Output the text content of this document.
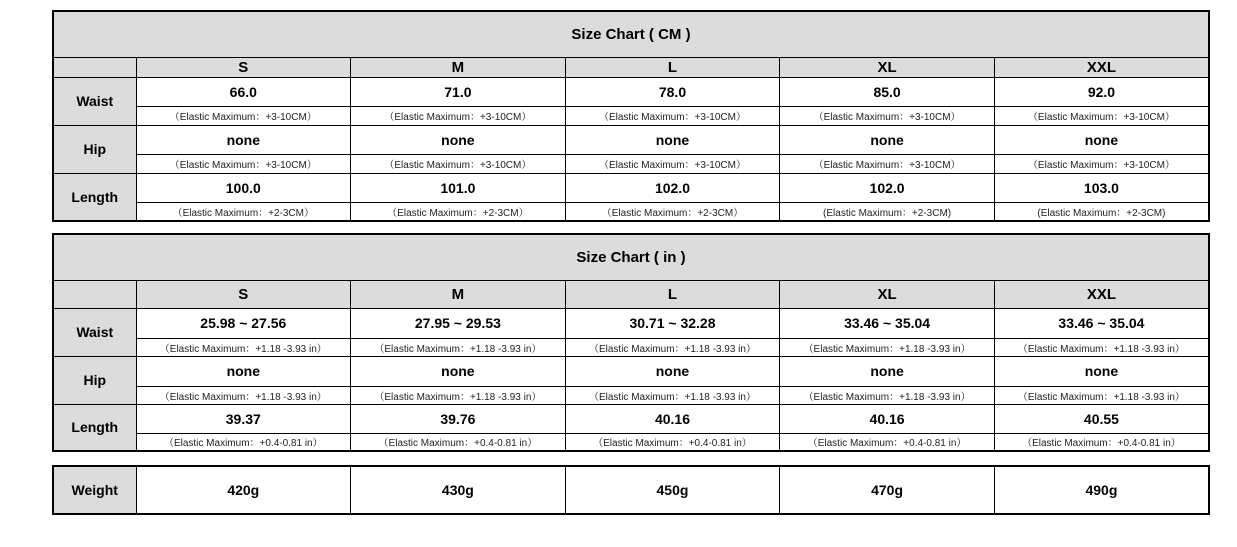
Size Chart ( CM )					
	S	M	L	XL	XXL
Waist	66.0	71.0	78.0	85.0	92.0
	（Elastic Maximum：+3-10CM）	（Elastic Maximum：+3-10CM）	（Elastic Maximum：+3-10CM）	（Elastic Maximum：+3-10CM）	（Elastic Maximum：+3-10CM）
Hip	none	none	none	none	none
	（Elastic Maximum：+3-10CM）	（Elastic Maximum：+3-10CM）	（Elastic Maximum：+3-10CM）	（Elastic Maximum：+3-10CM）	（Elastic Maximum：+3-10CM）
Length	100.0	101.0	102.0	102.0	103.0
	（Elastic Maximum：+2-3CM）	（Elastic Maximum：+2-3CM）	（Elastic Maximum：+2-3CM）	(Elastic Maximum：+2-3CM)	(Elastic Maximum：+2-3CM)
Size Chart ( in )					
	S	M	L	XL	XXL
Waist	25.98 ~ 27.56	27.95 ~ 29.53	30.71 ~ 32.28	33.46 ~ 35.04	33.46 ~ 35.04
	（Elastic Maximum：+1.18 -3.93 in）	（Elastic Maximum：+1.18 -3.93 in）	（Elastic Maximum：+1.18 -3.93 in）	（Elastic Maximum：+1.18 -3.93 in）	（Elastic Maximum：+1.18 -3.93 in）
Hip	none	none	none	none	none
	（Elastic Maximum：+1.18 -3.93 in）	（Elastic Maximum：+1.18 -3.93 in）	（Elastic Maximum：+1.18 -3.93 in）	（Elastic Maximum：+1.18 -3.93 in）	（Elastic Maximum：+1.18 -3.93 in）
Length	39.37	39.76	40.16	40.16	40.55
	（Elastic Maximum：+0.4-0.81 in）	（Elastic Maximum：+0.4-0.81 in）	（Elastic Maximum：+0.4-0.81 in）	（Elastic Maximum：+0.4-0.81 in）	（Elastic Maximum：+0.4-0.81 in）
Weight	420g	430g	450g	470g	490g
